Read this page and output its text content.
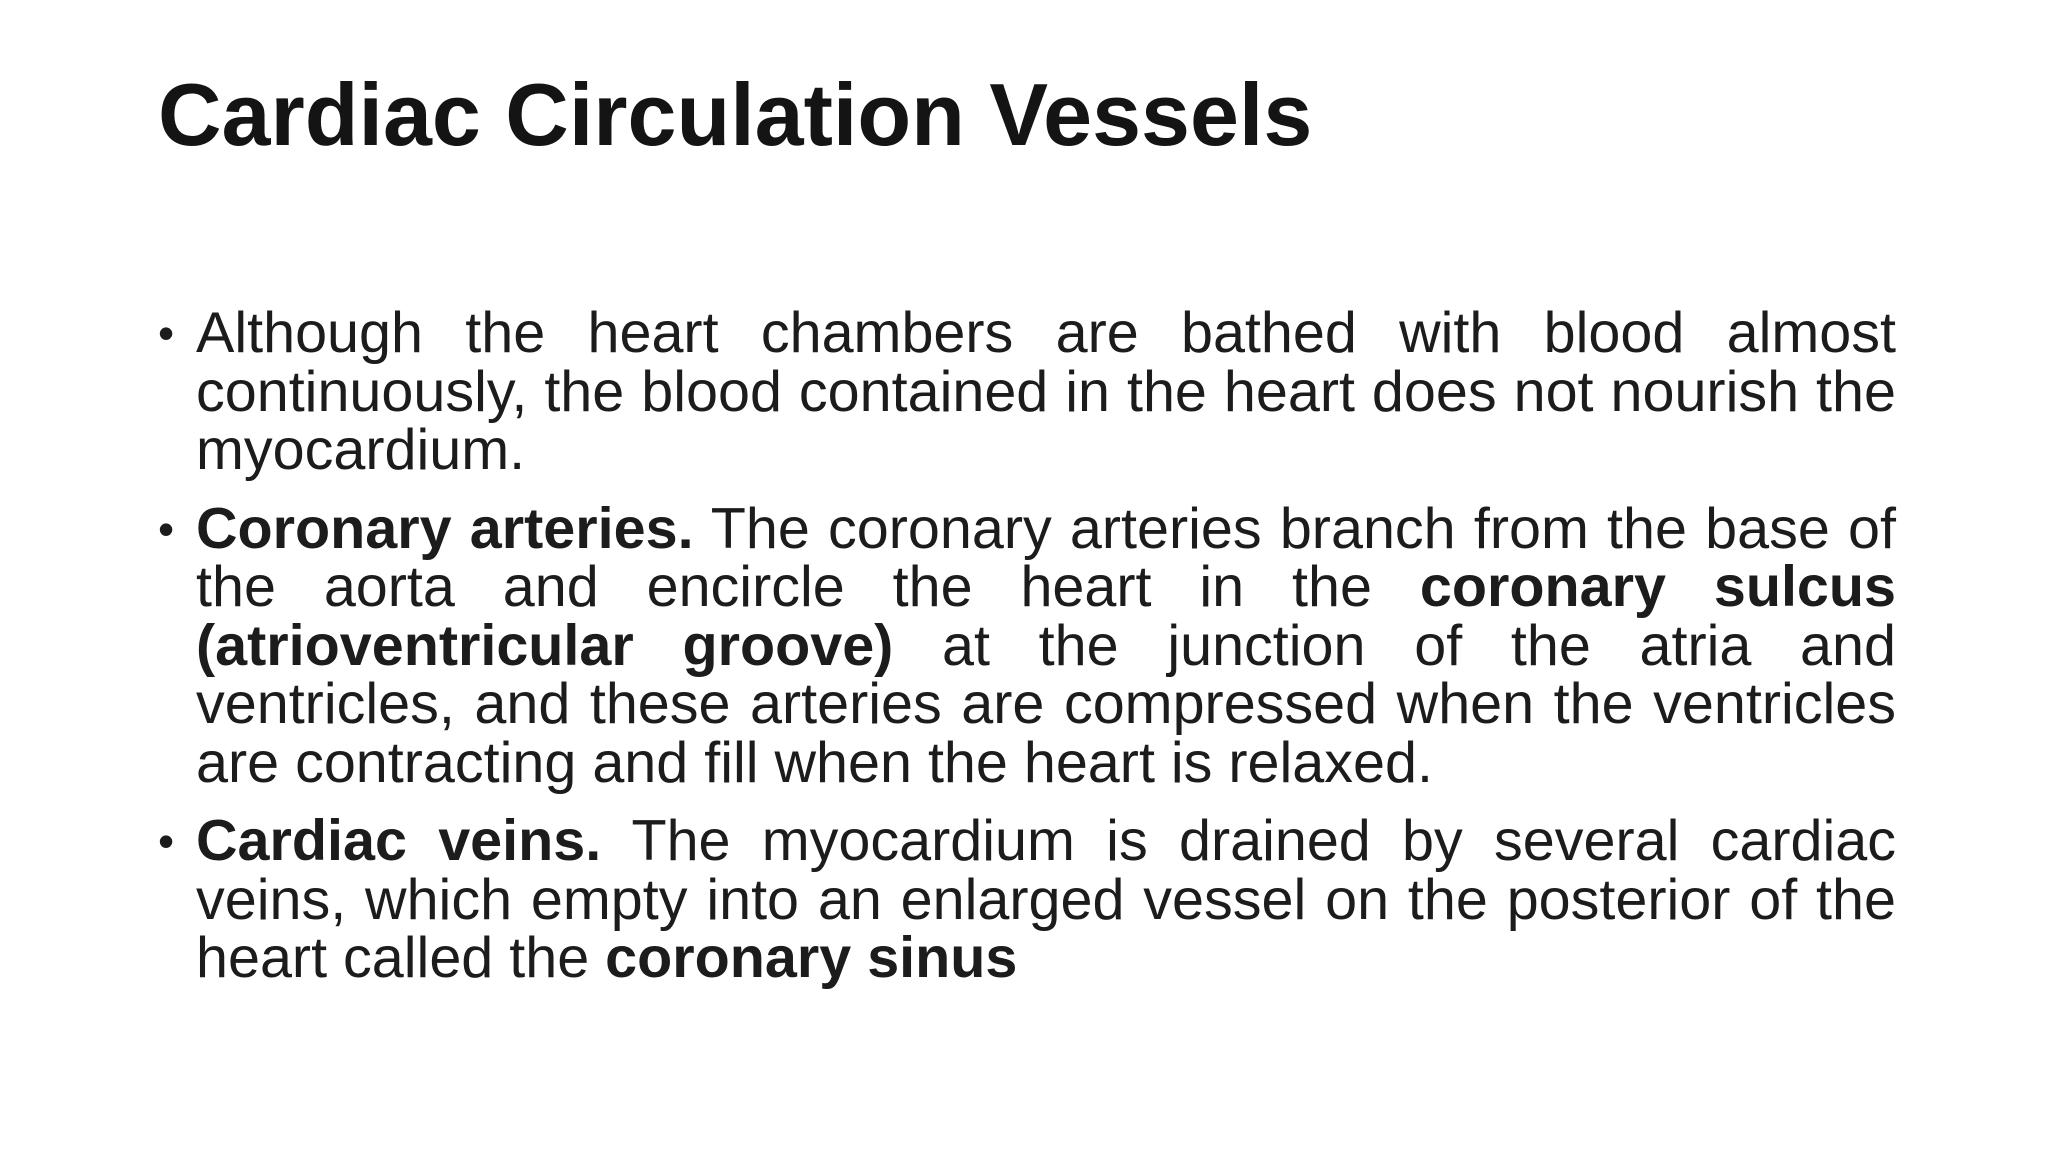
Cardiac Circulation Vessels
• Although the heart chambers are bathed with blood almost continuously, the blood contained in the heart does not nourish the myocardium.
• Coronary arteries. The coronary arteries branch from the base of the aorta and encircle the heart in the coronary sulcus (atrioventricular groove) at the junction of the atria and ventricles, and these arteries are compressed when the ventricles are contracting and fill when the heart is relaxed.
• Cardiac veins. The myocardium is drained by several cardiac veins, which empty into an enlarged vessel on the posterior of the heart called the coronary sinus
